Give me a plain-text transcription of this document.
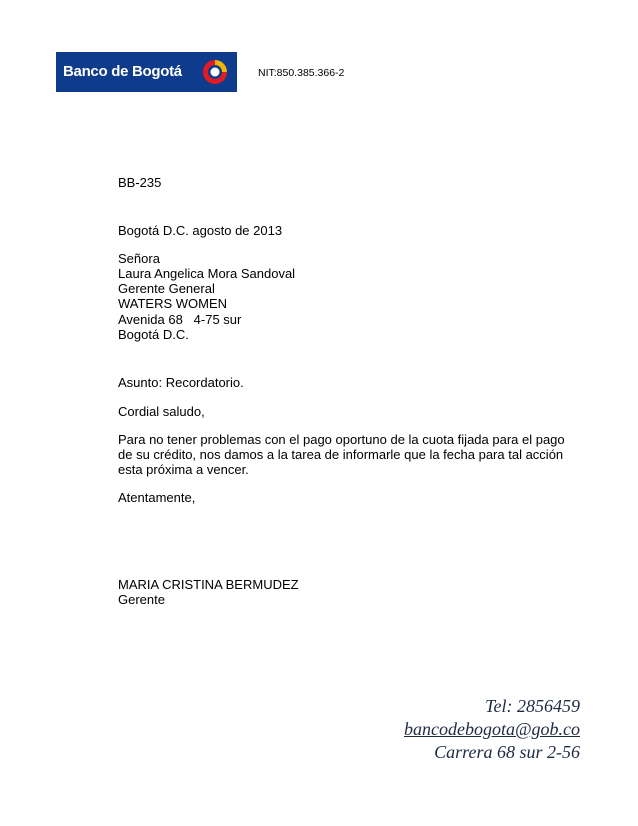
Banco de Bogotá	NIT:850.385.366-2
BB-235
Bogotá D.C. agosto de 2013
Señora
Laura Angelica Mora Sandoval
Gerente General
WATERS WOMEN
Avenida 68   4-75 sur
Bogotá D.C.
Asunto: Recordatorio.
Cordial saludo,
Para no tener problemas con el pago oportuno de la cuota fijada para el pago
de su crédito, nos damos a la tarea de informarle que la fecha para tal acción
esta próxima a vencer.
Atentamente,
MARIA CRISTINA BERMUDEZ
Gerente
Tel: 2856459
bancodebogota@gob.co
Carrera 68 sur 2-56
